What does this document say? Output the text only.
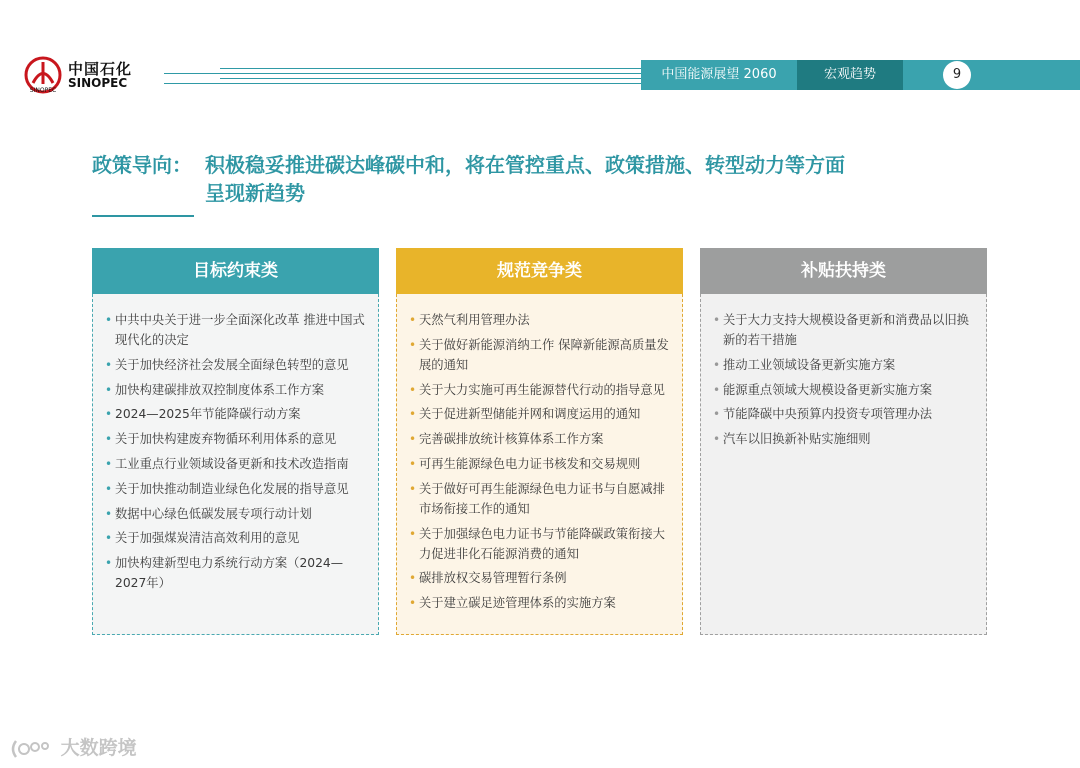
SINOPEC
中国石化
SINOPEC
中国能源展望 2060	宏观趋势	9
政策导向： 积极稳妥推进碳达峰碳中和，将在管控重点、政策措施、转型动力等方面
呈现新趋势
目标约束类
• 中共中央关于进一步全面深化改革 推进中国式现代化的决定
• 关于加快经济社会发展全面绿色转型的意见
• 加快构建碳排放双控制度体系工作方案
• 2024—2025年节能降碳行动方案
• 关于加快构建废弃物循环利用体系的意见
• 工业重点行业领域设备更新和技术改造指南
• 关于加快推动制造业绿色化发展的指导意见
• 数据中心绿色低碳发展专项行动计划
• 关于加强煤炭清洁高效利用的意见
• 加快构建新型电力系统行动方案（2024—2027年）
规范竞争类
• 天然气利用管理办法
• 关于做好新能源消纳工作 保障新能源高质量发展的通知
• 关于大力实施可再生能源替代行动的指导意见
• 关于促进新型储能并网和调度运用的通知
• 完善碳排放统计核算体系工作方案
• 可再生能源绿色电力证书核发和交易规则
• 关于做好可再生能源绿色电力证书与自愿减排市场衔接工作的通知
• 关于加强绿色电力证书与节能降碳政策衔接大力促进非化石能源消费的通知
• 碳排放权交易管理暂行条例
• 关于建立碳足迹管理体系的实施方案
补贴扶持类
• 关于大力支持大规模设备更新和消费品以旧换新的若干措施
• 推动工业领域设备更新实施方案
• 能源重点领域大规模设备更新实施方案
• 节能降碳中央预算内投资专项管理办法
• 汽车以旧换新补贴实施细则
大数跨境
